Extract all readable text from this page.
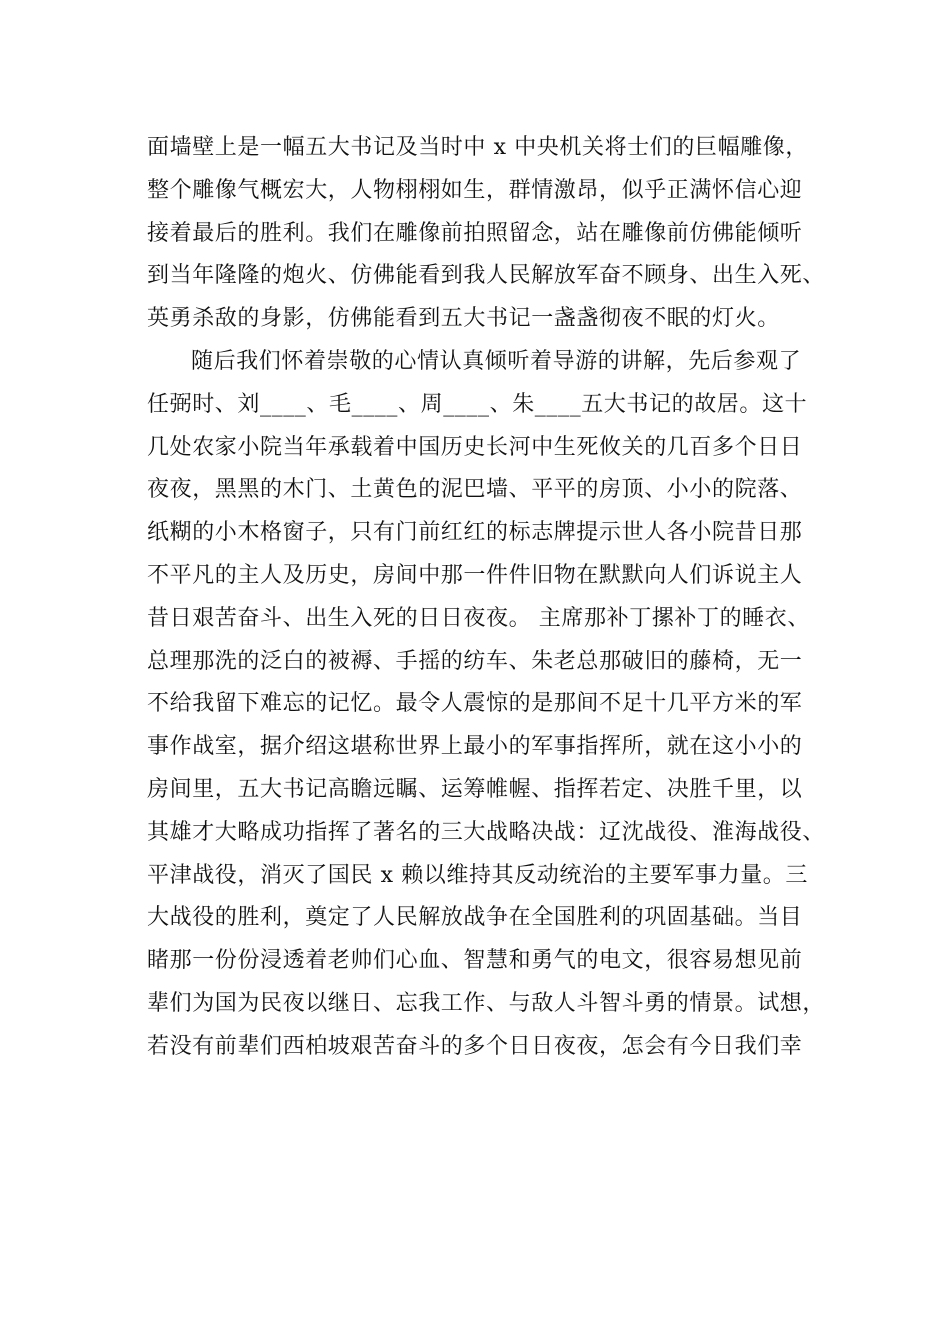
面墙壁上是一幅五大书记及当时中 x 中央机关将士们的巨幅雕像，
整个雕像气概宏大，人物栩栩如生，群情激昂，似乎正满怀信心迎
接着最后的胜利。我们在雕像前拍照留念，站在雕像前仿佛能倾听
到当年隆隆的炮火、仿佛能看到我人民解放军奋不顾身、出生入死、
英勇杀敌的身影，仿佛能看到五大书记一盏盏彻夜不眠的灯火。
随后我们怀着崇敬的心情认真倾听着导游的讲解，先后参观了
任弼时、刘____、毛____、周____、朱____五大书记的故居。这十
几处农家小院当年承载着中国历史长河中生死攸关的几百多个日日
夜夜，黑黑的木门、土黄色的泥巴墙、平平的房顶、小小的院落、
纸糊的小木格窗子，只有门前红红的标志牌提示世人各小院昔日那
不平凡的主人及历史，房间中那一件件旧物在默默向人们诉说主人
昔日艰苦奋斗、出生入死的日日夜夜。 主席那补丁摞补丁的睡衣、
总理那洗的泛白的被褥、手摇的纺车、朱老总那破旧的藤椅，无一
不给我留下难忘的记忆。最令人震惊的是那间不足十几平方米的军
事作战室，据介绍这堪称世界上最小的军事指挥所，就在这小小的
房间里，五大书记高瞻远瞩、运筹帷幄、指挥若定、决胜千里，以
其雄才大略成功指挥了著名的三大战略决战：辽沈战役、淮海战役、
平津战役，消灭了国民 x 赖以维持其反动统治的主要军事力量。三
大战役的胜利，奠定了人民解放战争在全国胜利的巩固基础。当目
睹那一份份浸透着老帅们心血、智慧和勇气的电文，很容易想见前
辈们为国为民夜以继日、忘我工作、与敌人斗智斗勇的情景。试想，
若没有前辈们西柏坡艰苦奋斗的多个日日夜夜，怎会有今日我们幸
